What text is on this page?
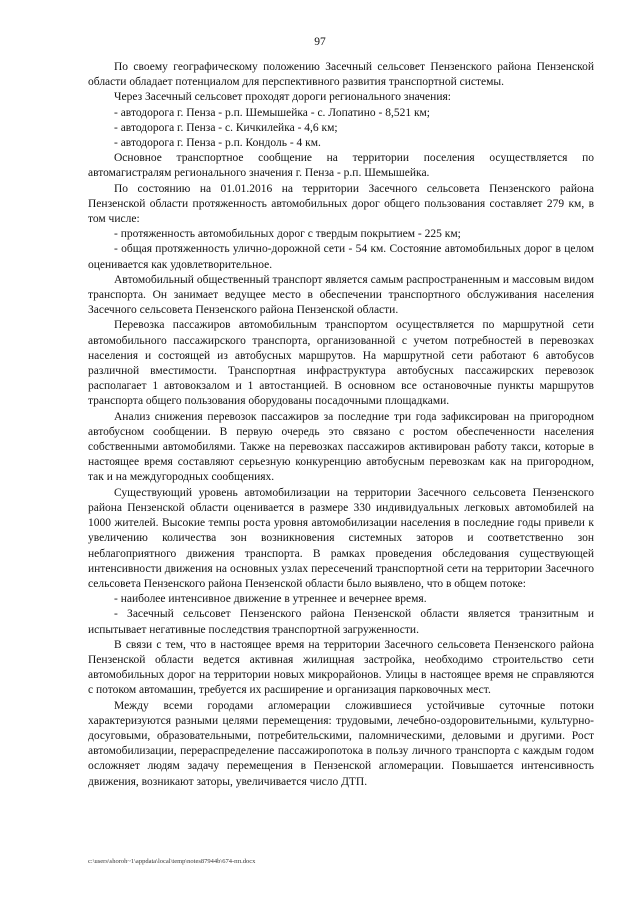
97

По своему географическому положению Засечный сельсовет Пензенского района Пензенской области обладает потенциалом для перспективного развития транспортной системы.

Через Засечный сельсовет проходят дороги регионального значения:

- автодорога г. Пенза - р.п. Шемышейка - с. Лопатино - 8,521 км;

- автодорога г. Пенза - с. Кичкилейка - 4,6 км;

- автодорога г. Пенза - р.п. Кондоль - 4 км.

Основное транспортное сообщение на территории поселения осуществляется по автомагистралям регионального значения г. Пенза - р.п. Шемышейка.

По состоянию на 01.01.2016 на территории Засечного сельсовета Пензенского района Пензенской области протяженность автомобильных дорог общего пользования составляет 279 км, в том числе:

- протяженность автомобильных дорог с твердым покрытием - 225 км;

- общая протяженность улично-дорожной сети - 54 км. Состояние автомобильных дорог в целом оценивается как удовлетворительное.

Автомобильный общественный транспорт является самым распространенным и массовым видом транспорта. Он занимает ведущее место в обеспечении транспортного обслуживания населения Засечного сельсовета Пензенского района Пензенской области.

Перевозка пассажиров автомобильным транспортом осуществляется по маршрутной сети автомобильного пассажирского транспорта, организованной с учетом потребностей в перевозках населения и состоящей из автобусных маршрутов. На маршрутной сети работают 6 автобусов различной вместимости. Транспортная инфраструктура автобусных пассажирских перевозок располагает 1 автовокзалом и 1 автостанцией. В основном все остановочные пункты маршрутов транспорта общего пользования оборудованы посадочными площадками.

Анализ снижения перевозок пассажиров за последние три года зафиксирован на пригородном автобусном сообщении. В первую очередь это связано с ростом обеспеченности населения собственными автомобилями. Также на перевозках пассажиров активирован работу такси, которые в настоящее время составляют серьезную конкуренцию автобусным перевозкам как на пригородном, так и на междугородных сообщениях.

Существующий уровень автомобилизации на территории Засечного сельсовета Пензенского района Пензенской области оценивается в размере 330 индивидуальных легковых автомобилей на 1000 жителей. Высокие темпы роста уровня автомобилизации населения в последние годы привели к увеличению количества зон возникновения системных заторов и соответственно зон неблагоприятного движения транспорта. В рамках проведения обследования существующей интенсивности движения на основных узлах пересечений транспортной сети на территории Засечного сельсовета Пензенского района Пензенской области было выявлено, что в общем потоке:

- наиболее интенсивное движение в утреннее и вечернее время.

- Засечный сельсовет Пензенского района Пензенской области является транзитным и испытывает негативные последствия транспортной загруженности.

В связи с тем, что в настоящее время на территории Засечного сельсовета Пензенского района Пензенской области ведется активная жилищная застройка, необходимо строительство сети автомобильных дорог на территории новых микрорайонов. Улицы в настоящее время не справляются с потоком автомашин, требуется их расширение и организация парковочных мест.

Между всеми городами агломерации сложившиеся устойчивые суточные потоки характеризуются разными целями перемещения: трудовыми, лечебно-оздоровительными, культурно-досуговыми, образовательными, потребительскими, паломническими, деловыми и другими. Рост автомобилизации, перераспределение пассажиропотока в пользу личного транспорта с каждым годом осложняет людям задачу перемещения в Пензенской агломерации. Повышается интенсивность движения, возникают заторы, увеличивается число ДТП.

c:\users\shoroh~1\appdata\local\temp\notes87944b\674-пп.docx
